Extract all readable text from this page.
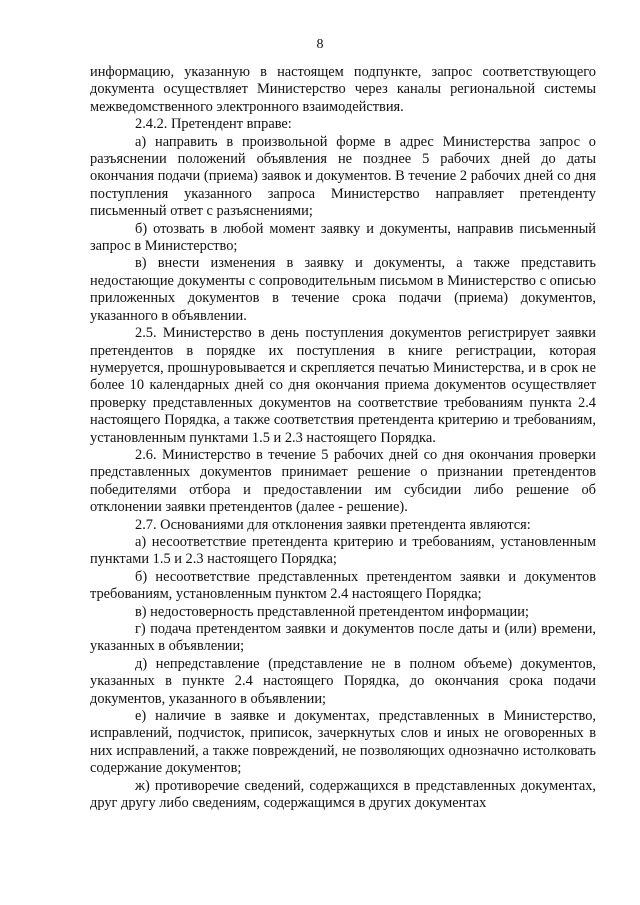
8

информацию, указанную в настоящем подпункте, запрос соответствующего документа осуществляет Министерство через каналы региональной системы межведомственного электронного взаимодействия.

2.4.2. Претендент вправе:

а) направить в произвольной форме в адрес Министерства запрос о разъяснении положений объявления не позднее 5 рабочих дней до даты окончания подачи (приема) заявок и документов. В течение 2 рабочих дней со дня поступления указанного запроса Министерство направляет претенденту письменный ответ с разъяснениями;

б) отозвать в любой момент заявку и документы, направив письменный запрос в Министерство;

в) внести изменения в заявку и документы, а также представить недостающие документы с сопроводительным письмом в Министерство с описью приложенных документов в течение срока подачи (приема) документов, указанного в объявлении.

2.5. Министерство в день поступления документов регистрирует заявки претендентов в порядке их поступления в книге регистрации, которая нумеруется, прошнуровывается и скрепляется печатью Министерства, и в срок не более 10 календарных дней со дня окончания приема документов осуществляет проверку представленных документов на соответствие требованиям пункта 2.4 настоящего Порядка, а также соответствия претендента критерию и требованиям, установленным пунктами 1.5 и 2.3 настоящего Порядка.

2.6. Министерство в течение 5 рабочих дней со дня окончания проверки представленных документов принимает решение о признании претендентов победителями отбора и предоставлении им субсидии либо решение об отклонении заявки претендентов (далее - решение).

2.7. Основаниями для отклонения заявки претендента являются:

а) несоответствие претендента критерию и требованиям, установленным пунктами 1.5 и 2.3 настоящего Порядка;

б) несоответствие представленных претендентом заявки и документов требованиям, установленным пунктом 2.4 настоящего Порядка;

в) недостоверность представленной претендентом информации;

г) подача претендентом заявки и документов после даты и (или) времени, указанных в объявлении;

д) непредставление (представление не в полном объеме) документов, указанных в пункте 2.4 настоящего Порядка, до окончания срока подачи документов, указанного в объявлении;

е) наличие в заявке и документах, представленных в Министерство, исправлений, подчисток, приписок, зачеркнутых слов и иных не оговоренных в них исправлений, а также повреждений, не позволяющих однозначно истолковать содержание документов;

ж) противоречие сведений, содержащихся в представленных документах, друг другу либо сведениям, содержащимся в других документах
